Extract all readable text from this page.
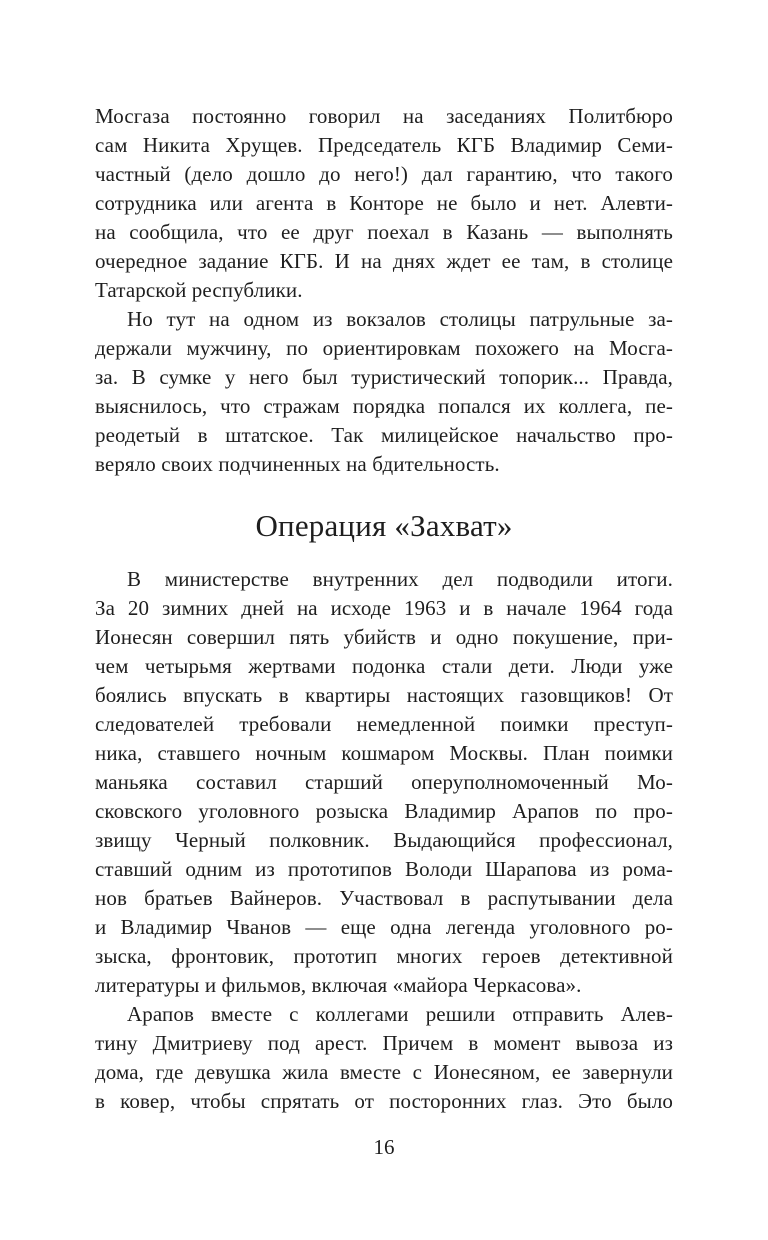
Мосгаза постоянно говорил на заседаниях Политбюро
сам Никита Хрущев. Председатель КГБ Владимир Семи-
частный (дело дошло до него!) дал гарантию, что такого
сотрудника или агента в Конторе не было и нет. Алевти-
на сообщила, что ее друг поехал в Казань — выполнять
очередное задание КГБ. И на днях ждет ее там, в столице
Татарской республики.
Но тут на одном из вокзалов столицы патрульные за-
держали мужчину, по ориентировкам похожего на Мосга-
за. В сумке у него был туристический топорик... Правда,
выяснилось, что стражам порядка попался их коллега, пе-
реодетый в штатское. Так милицейское начальство про-
веряло своих подчиненных на бдительность.
Операция «Захват»
В министерстве внутренних дел подводили итоги.
За 20 зимних дней на исходе 1963 и в начале 1964 года
Ионесян совершил пять убийств и одно покушение, при-
чем четырьмя жертвами подонка стали дети. Люди уже
боялись впускать в квартиры настоящих газовщиков! От
следователей требовали немедленной поимки преступ-
ника, ставшего ночным кошмаром Москвы. План поимки
маньяка составил старший оперуполномоченный Мо-
сковского уголовного розыска Владимир Арапов по про-
звищу Черный полковник. Выдающийся профессионал,
ставший одним из прототипов Володи Шарапова из рома-
нов братьев Вайнеров. Участвовал в распутывании дела
и Владимир Чванов — еще одна легенда уголовного ро-
зыска, фронтовик, прототип многих героев детективной
литературы и фильмов, включая «майора Черкасова».
Арапов вместе с коллегами решили отправить Алев-
тину Дмитриеву под арест. Причем в момент вывоза из
дома, где девушка жила вместе с Ионесяном, ее завернули
в ковер, чтобы спрятать от посторонних глаз. Это было
16
